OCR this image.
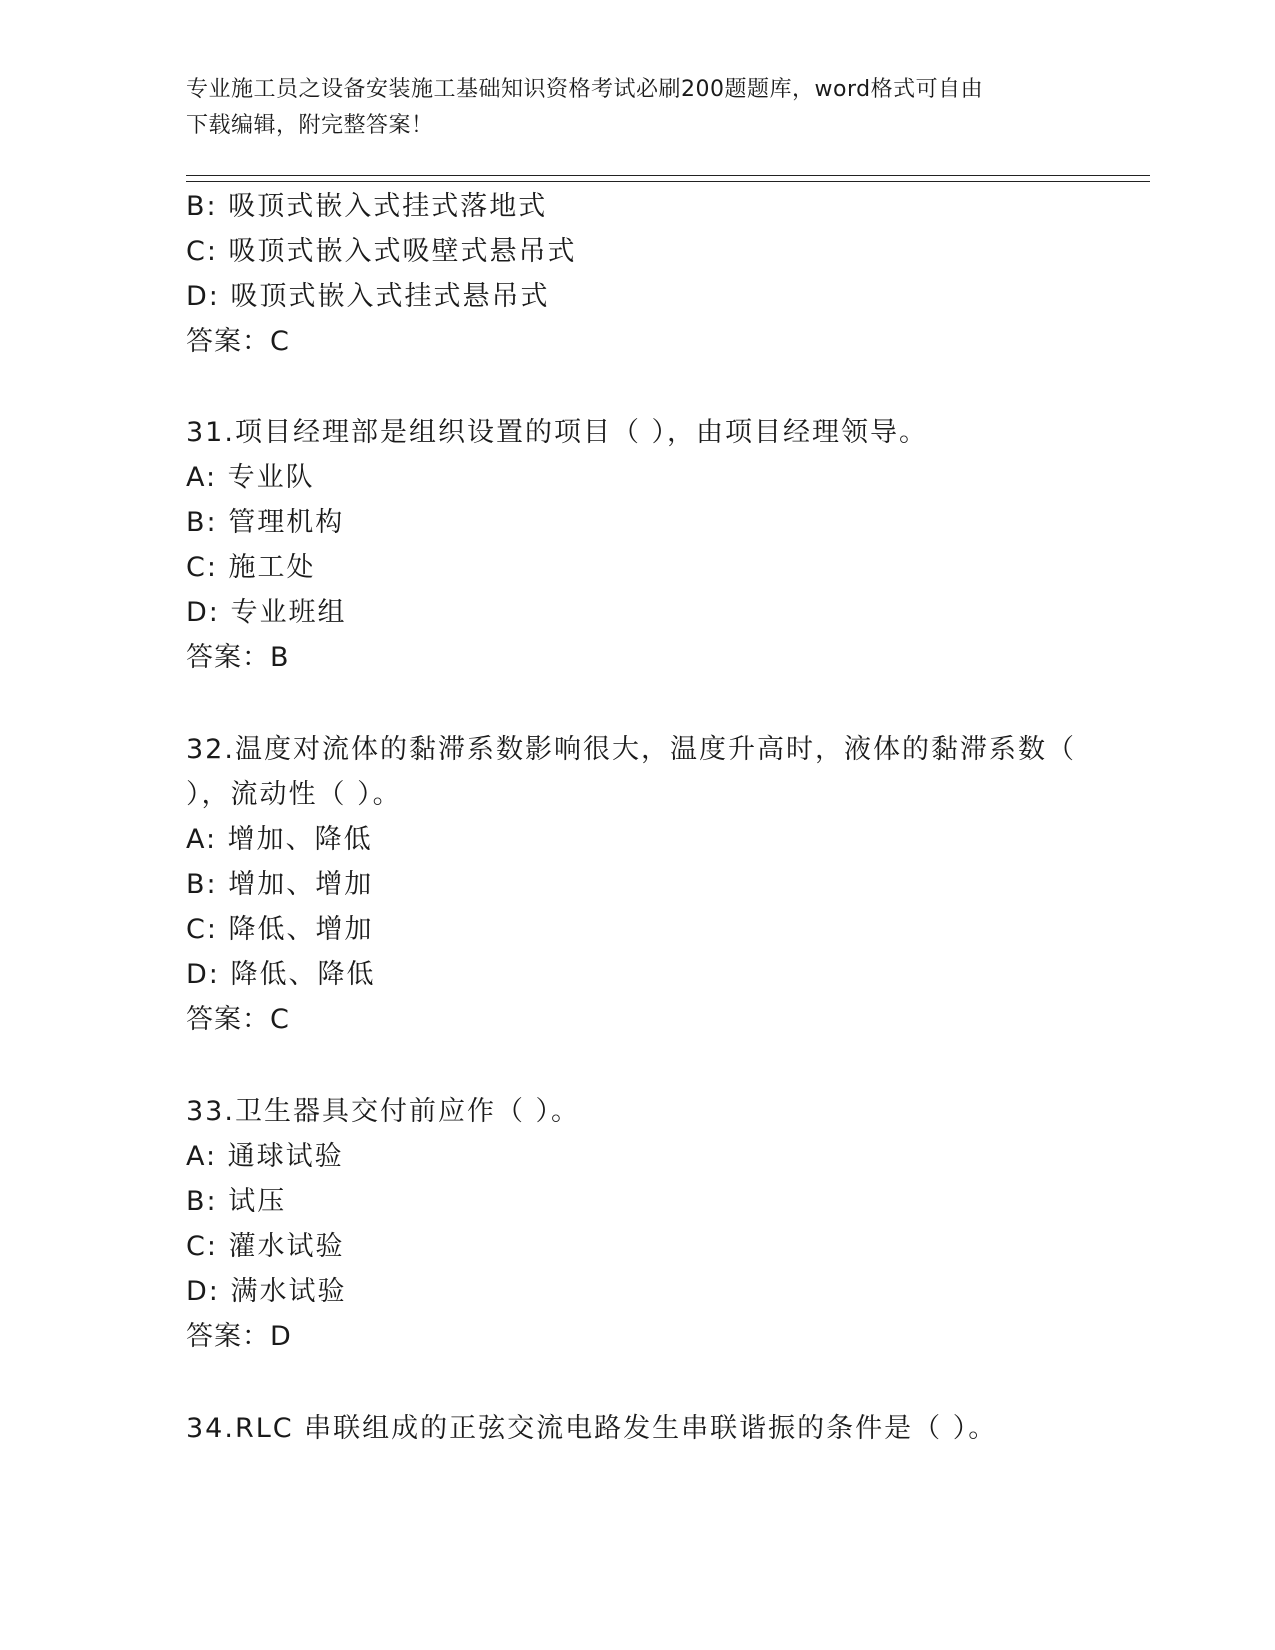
专业施工员之设备安装施工基础知识资格考试必刷200题题库，word格式可自由
下载编辑，附完整答案！
B: 吸顶式嵌入式挂式落地式
C: 吸顶式嵌入式吸壁式悬吊式
D: 吸顶式嵌入式挂式悬吊式
答案：C
31.项目经理部是组织设置的项目（ ），由项目经理领导。
A: 专业队
B: 管理机构
C: 施工处
D: 专业班组
答案：B
32.温度对流体的黏滞系数影响很大，温度升高时，液体的黏滞系数（
），流动性（ ）。
A: 增加、降低
B: 增加、增加
C: 降低、增加
D: 降低、降低
答案：C
33.卫生器具交付前应作（ ）。
A: 通球试验
B: 试压
C: 灌水试验
D: 满水试验
答案：D
34.RLC 串联组成的正弦交流电路发生串联谐振的条件是（ ）。
